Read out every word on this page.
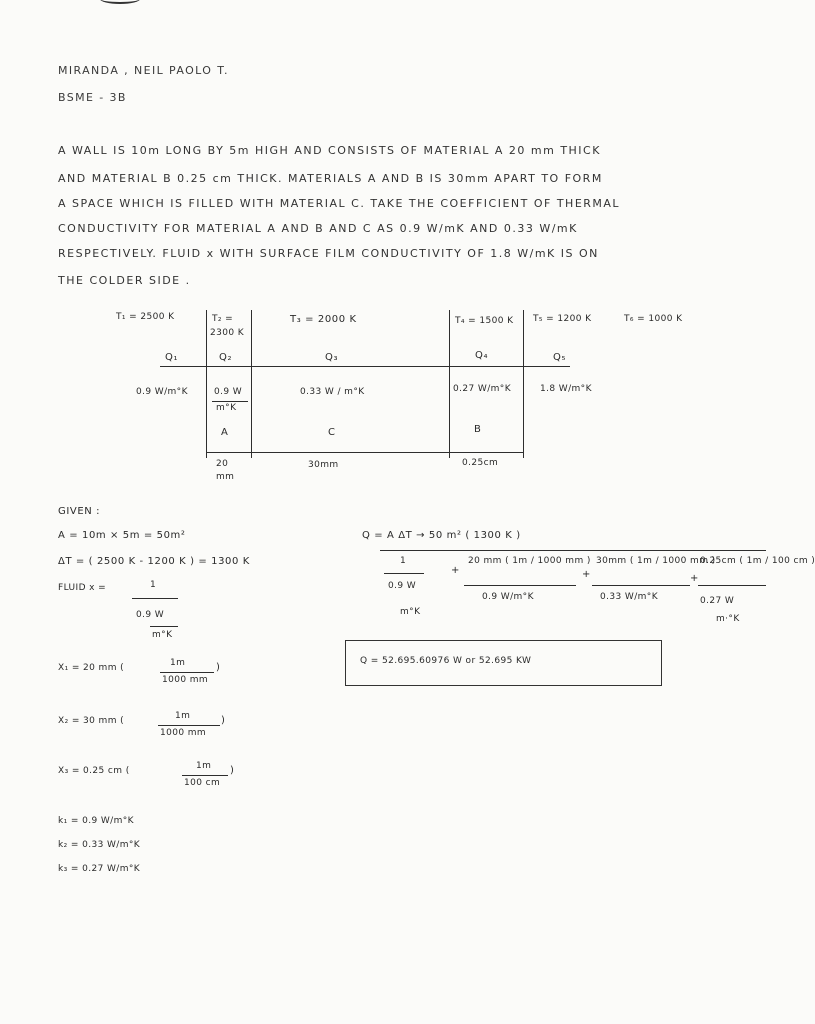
MIRANDA , NEIL PAOLO T.
BSME - 3B
A WALL IS 10m LONG BY 5m HIGH AND CONSISTS OF MATERIAL A 20 mm THICK
AND MATERIAL B 0.25 cm THICK. MATERIALS A AND B IS 30mm APART TO FORM
A SPACE WHICH IS FILLED WITH MATERIAL C. TAKE THE COEFFICIENT OF THERMAL
CONDUCTIVITY FOR MATERIAL A AND B AND C AS 0.9 W/mK AND 0.33 W/mK
RESPECTIVELY. FLUID x WITH SURFACE FILM CONDUCTIVITY OF 1.8 W/mK IS ON
THE COLDER SIDE .
T₁ = 2500 K	T₂ =
2300 K
T₃ = 2000 K	T₄ = 1500 K T₅ = 1200 K	T₆ = 1000 K
Q₁	Q₂	Q₃	Q₄	Q₅
0.9 W/m°K	0.9 W
m°K
0.33 W / m°K	0.27 W/m°K	1.8 W/m°K
A	C	B
20
mm
30mm	0.25cm
GIVEN :
A = 10m × 5m = 50m²
ΔT = ( 2500 K - 1200 K ) = 1300 K
FLUID x =	1
0.9 W
m°K
X₁ = 20 mm (	1m
1000 mm
)
X₂ = 30 mm (	1m
1000 mm
)
X₃ = 0.25 cm (	1m
100 cm
)
k₁ = 0.9 W/m°K
k₂ = 0.33 W/m°K
k₃ = 0.27 W/m°K
Q = A ΔT → 50 m² ( 1300 K )
1
0.9 W
m°K
+
20 mm ( 1m / 1000 mm )
0.9 W/m°K
+
30mm ( 1m / 1000 mm )
0.33 W/m°K
+
0.25cm ( 1m / 100 cm )
0.27 W
m·°K
Q = 52.695.60976 W or 52.695 KW
